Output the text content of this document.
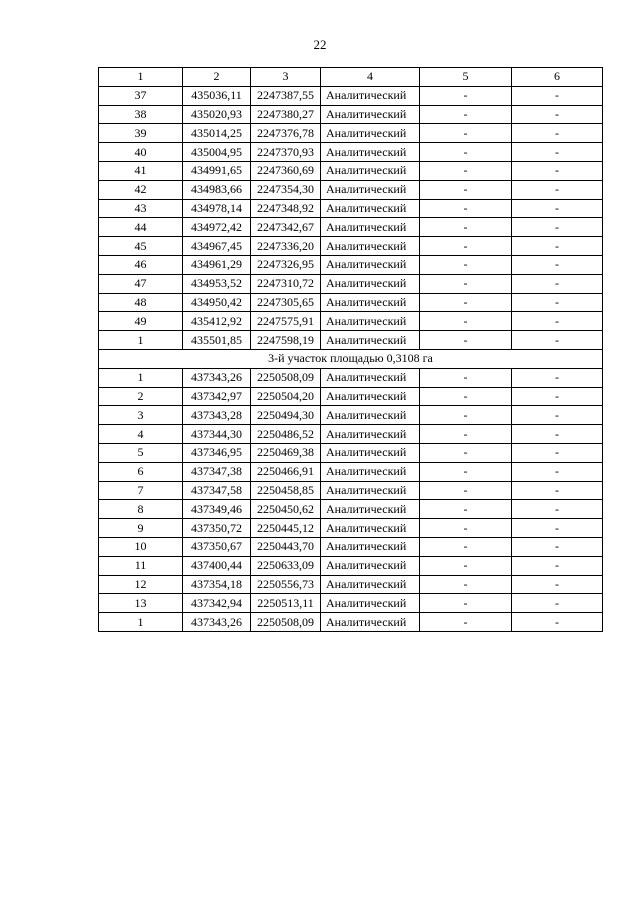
22
1	2	3	4	5	6
37	435036,11	2247387,55	Аналитический	-	-
38	435020,93	2247380,27	Аналитический	-	-
39	435014,25	2247376,78	Аналитический	-	-
40	435004,95	2247370,93	Аналитический	-	-
41	434991,65	2247360,69	Аналитический	-	-
42	434983,66	2247354,30	Аналитический	-	-
43	434978,14	2247348,92	Аналитический	-	-
44	434972,42	2247342,67	Аналитический	-	-
45	434967,45	2247336,20	Аналитический	-	-
46	434961,29	2247326,95	Аналитический	-	-
47	434953,52	2247310,72	Аналитический	-	-
48	434950,42	2247305,65	Аналитический	-	-
49	435412,92	2247575,91	Аналитический	-	-
1	435501,85	2247598,19	Аналитический	-	-
3-й участок площадью 0,3108 га					
1	437343,26	2250508,09	Аналитический	-	-
2	437342,97	2250504,20	Аналитический	-	-
3	437343,28	2250494,30	Аналитический	-	-
4	437344,30	2250486,52	Аналитический	-	-
5	437346,95	2250469,38	Аналитический	-	-
6	437347,38	2250466,91	Аналитический	-	-
7	437347,58	2250458,85	Аналитический	-	-
8	437349,46	2250450,62	Аналитический	-	-
9	437350,72	2250445,12	Аналитический	-	-
10	437350,67	2250443,70	Аналитический	-	-
11	437400,44	2250633,09	Аналитический	-	-
12	437354,18	2250556,73	Аналитический	-	-
13	437342,94	2250513,11	Аналитический	-	-
1	437343,26	2250508,09	Аналитический	-	-
